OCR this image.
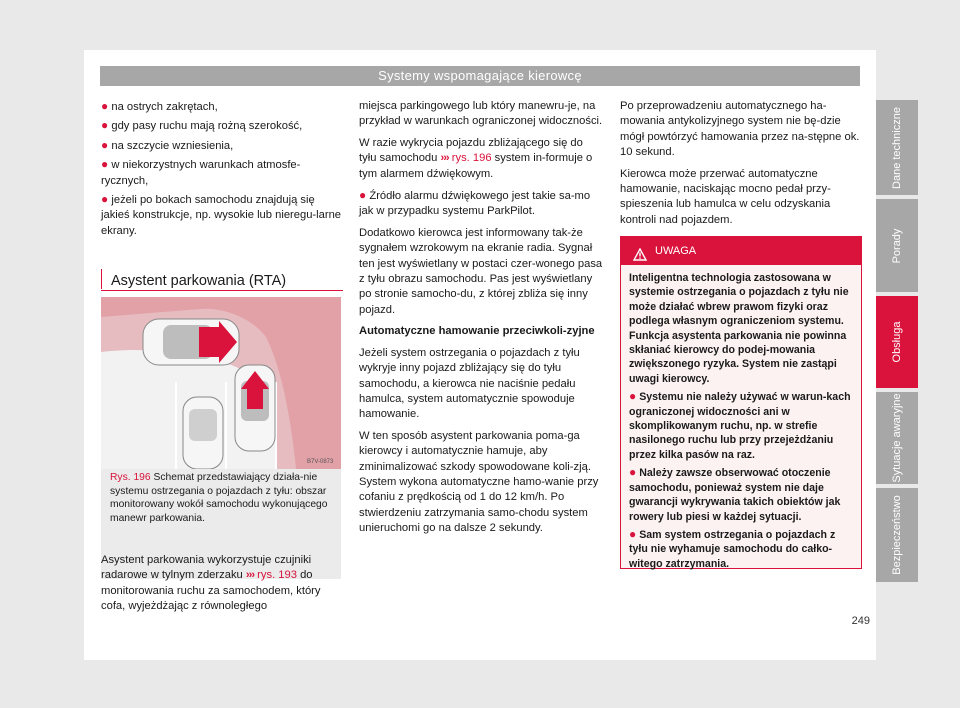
Systemy wspomagające kierowcę
● na ostrych zakrętach,
● gdy pasy ruchu mają rożną szerokość,
● na szczycie wzniesienia,
● w niekorzystnych warunkach atmosfe-rycznych,
● jeżeli po bokach samochodu znajdują się jakieś konstrukcje, np. wysokie lub nieregu-larne ekrany.
Asystent parkowania (RTA)
B7V-0873
Rys. 196 Schemat przedstawiający działa-nie systemu ostrzegania o pojazdach z tyłu: obszar monitorowany wokół samochodu wykonującego manewr parkowania.
Asystent parkowania wykorzystuje czujniki radarowe w tylnym zderzaku ››› rys. 193 do monitorowania ruchu za samochodem, który cofa, wyjeżdżając z równoległego

miejsca parkingowego lub który manewru-je, na przykład w warunkach ograniczonej widoczności.

W razie wykrycia pojazdu zbliżającego się do tyłu samochodu ››› rys. 196 system in-formuje o tym alarmem dźwiękowym.

● Źródło alarmu dźwiękowego jest takie sa-mo jak w przypadku systemu ParkPilot.

Dodatkowo kierowca jest informowany tak-że sygnałem wzrokowym na ekranie radia. Sygnał ten jest wyświetlany w postaci czer-wonego pasa z tyłu obrazu samochodu. Pas jest wyświetlany po stronie samocho-du, z której zbliża się inny pojazd.

Automatyczne hamowanie przeciwkoli-zyjne

Jeżeli system ostrzegania o pojazdach z tyłu wykryje inny pojazd zbliżający się do tyłu samochodu, a kierowca nie naciśnie pedału hamulca, system automatycznie spowoduje hamowanie.

W ten sposób asystent parkowania poma-ga kierowcy i automatycznie hamuje, aby zminimalizować szkody spowodowane koli-zją. System wykona automatyczne hamo-wanie przy cofaniu z prędkością od 1 do 12 km/h. Po stwierdzeniu zatrzymania samo-chodu system unieruchomi go na dalsze 2 sekundy.

Po przeprowadzeniu automatycznego ha-mowania antykolizyjnego system nie bę-dzie mógł powtórzyć hamowania przez na-stępne ok. 10 sekund.

Kierowca może przerwać automatyczne hamowanie, naciskając mocno pedał przy-spieszenia lub hamulca w celu odzyskania kontroli nad pojazdem.

UWAGA

Inteligentna technologia zastosowana w systemie ostrzegania o pojazdach z tyłu nie może działać wbrew prawom fizyki oraz podlega własnym ograniczeniom systemu. Funkcja asystenta parkowania nie powinna skłaniać kierowcy do podej-mowania zwiększonego ryzyka. System nie zastąpi uwagi kierowcy.

● Systemu nie należy używać w warun-kach ograniczonej widoczności ani w skomplikowanym ruchu, np. w strefie nasilonego ruchu lub przy przejeżdżaniu przez kilka pasów na raz.

● Należy zawsze obserwować otoczenie samochodu, ponieważ system nie daje gwarancji wykrywania takich obiektów jak rowery lub piesi w każdej sytuacji.

● Sam system ostrzegania o pojazdach z tyłu nie wyhamuje samochodu do całko-witego zatrzymania.

Dane techniczne
Porady
Obsługa
Sytuacje awaryjne
Bezpieczeństwo
249
